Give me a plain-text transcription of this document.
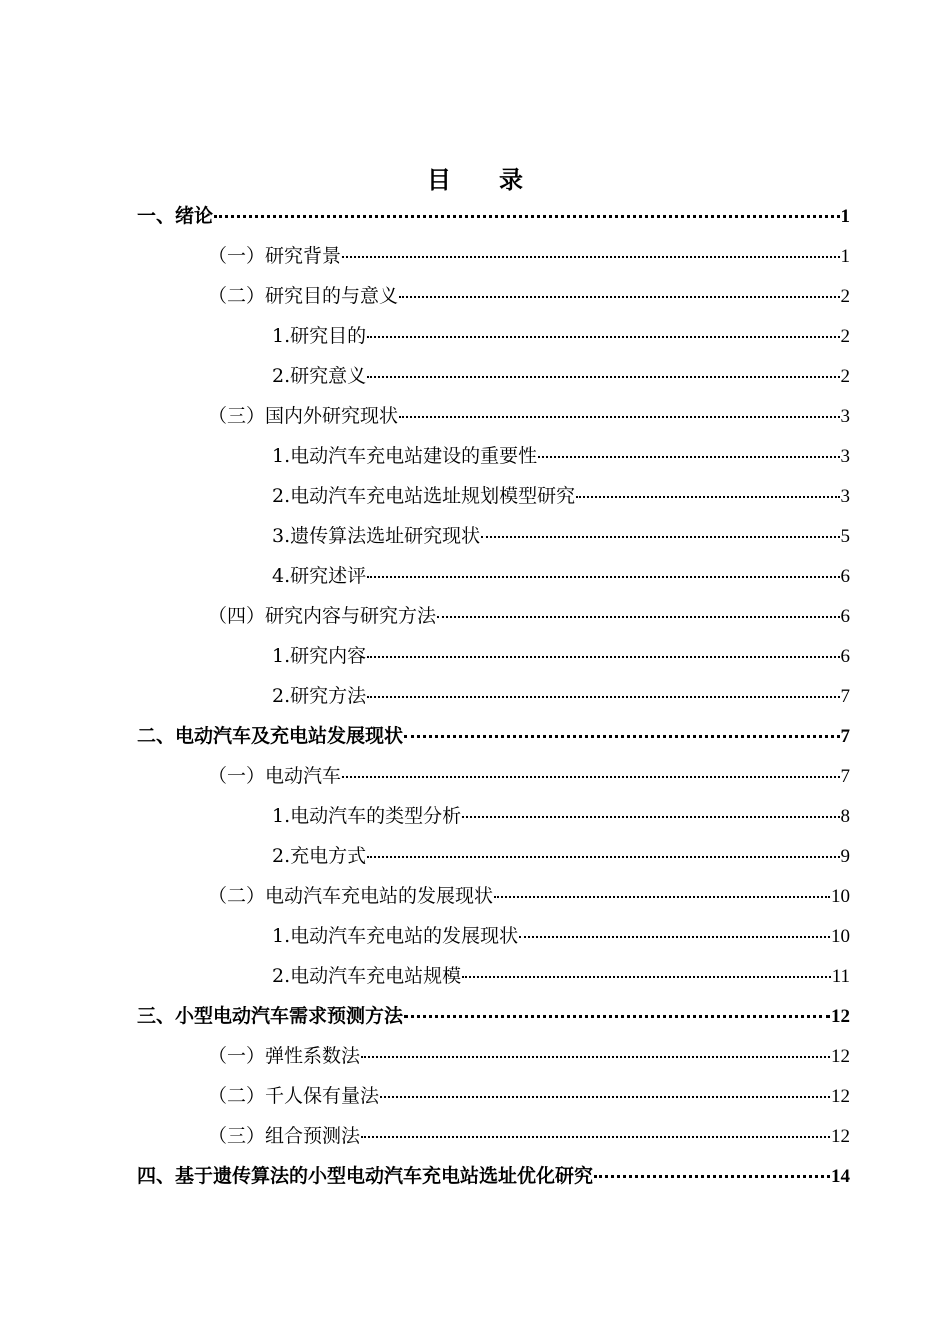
目 录
一、绪论	1
（一）研究背景	1
（二）研究目的与意义	2
1.研究目的	2
2.研究意义	2
（三）国内外研究现状	3
1.电动汽车充电站建设的重要性	3
2.电动汽车充电站选址规划模型研究	3
3.遗传算法选址研究现状	5
4.研究述评	6
（四）研究内容与研究方法	6
1.研究内容	6
2.研究方法	7
二、电动汽车及充电站发展现状	7
（一）电动汽车	7
1.电动汽车的类型分析	8
2.充电方式	9
（二）电动汽车充电站的发展现状	10
1.电动汽车充电站的发展现状	10
2.电动汽车充电站规模	11
三、小型电动汽车需求预测方法	12
（一）弹性系数法	12
（二）千人保有量法	12
（三）组合预测法	12
四、基于遗传算法的小型电动汽车充电站选址优化研究	14
